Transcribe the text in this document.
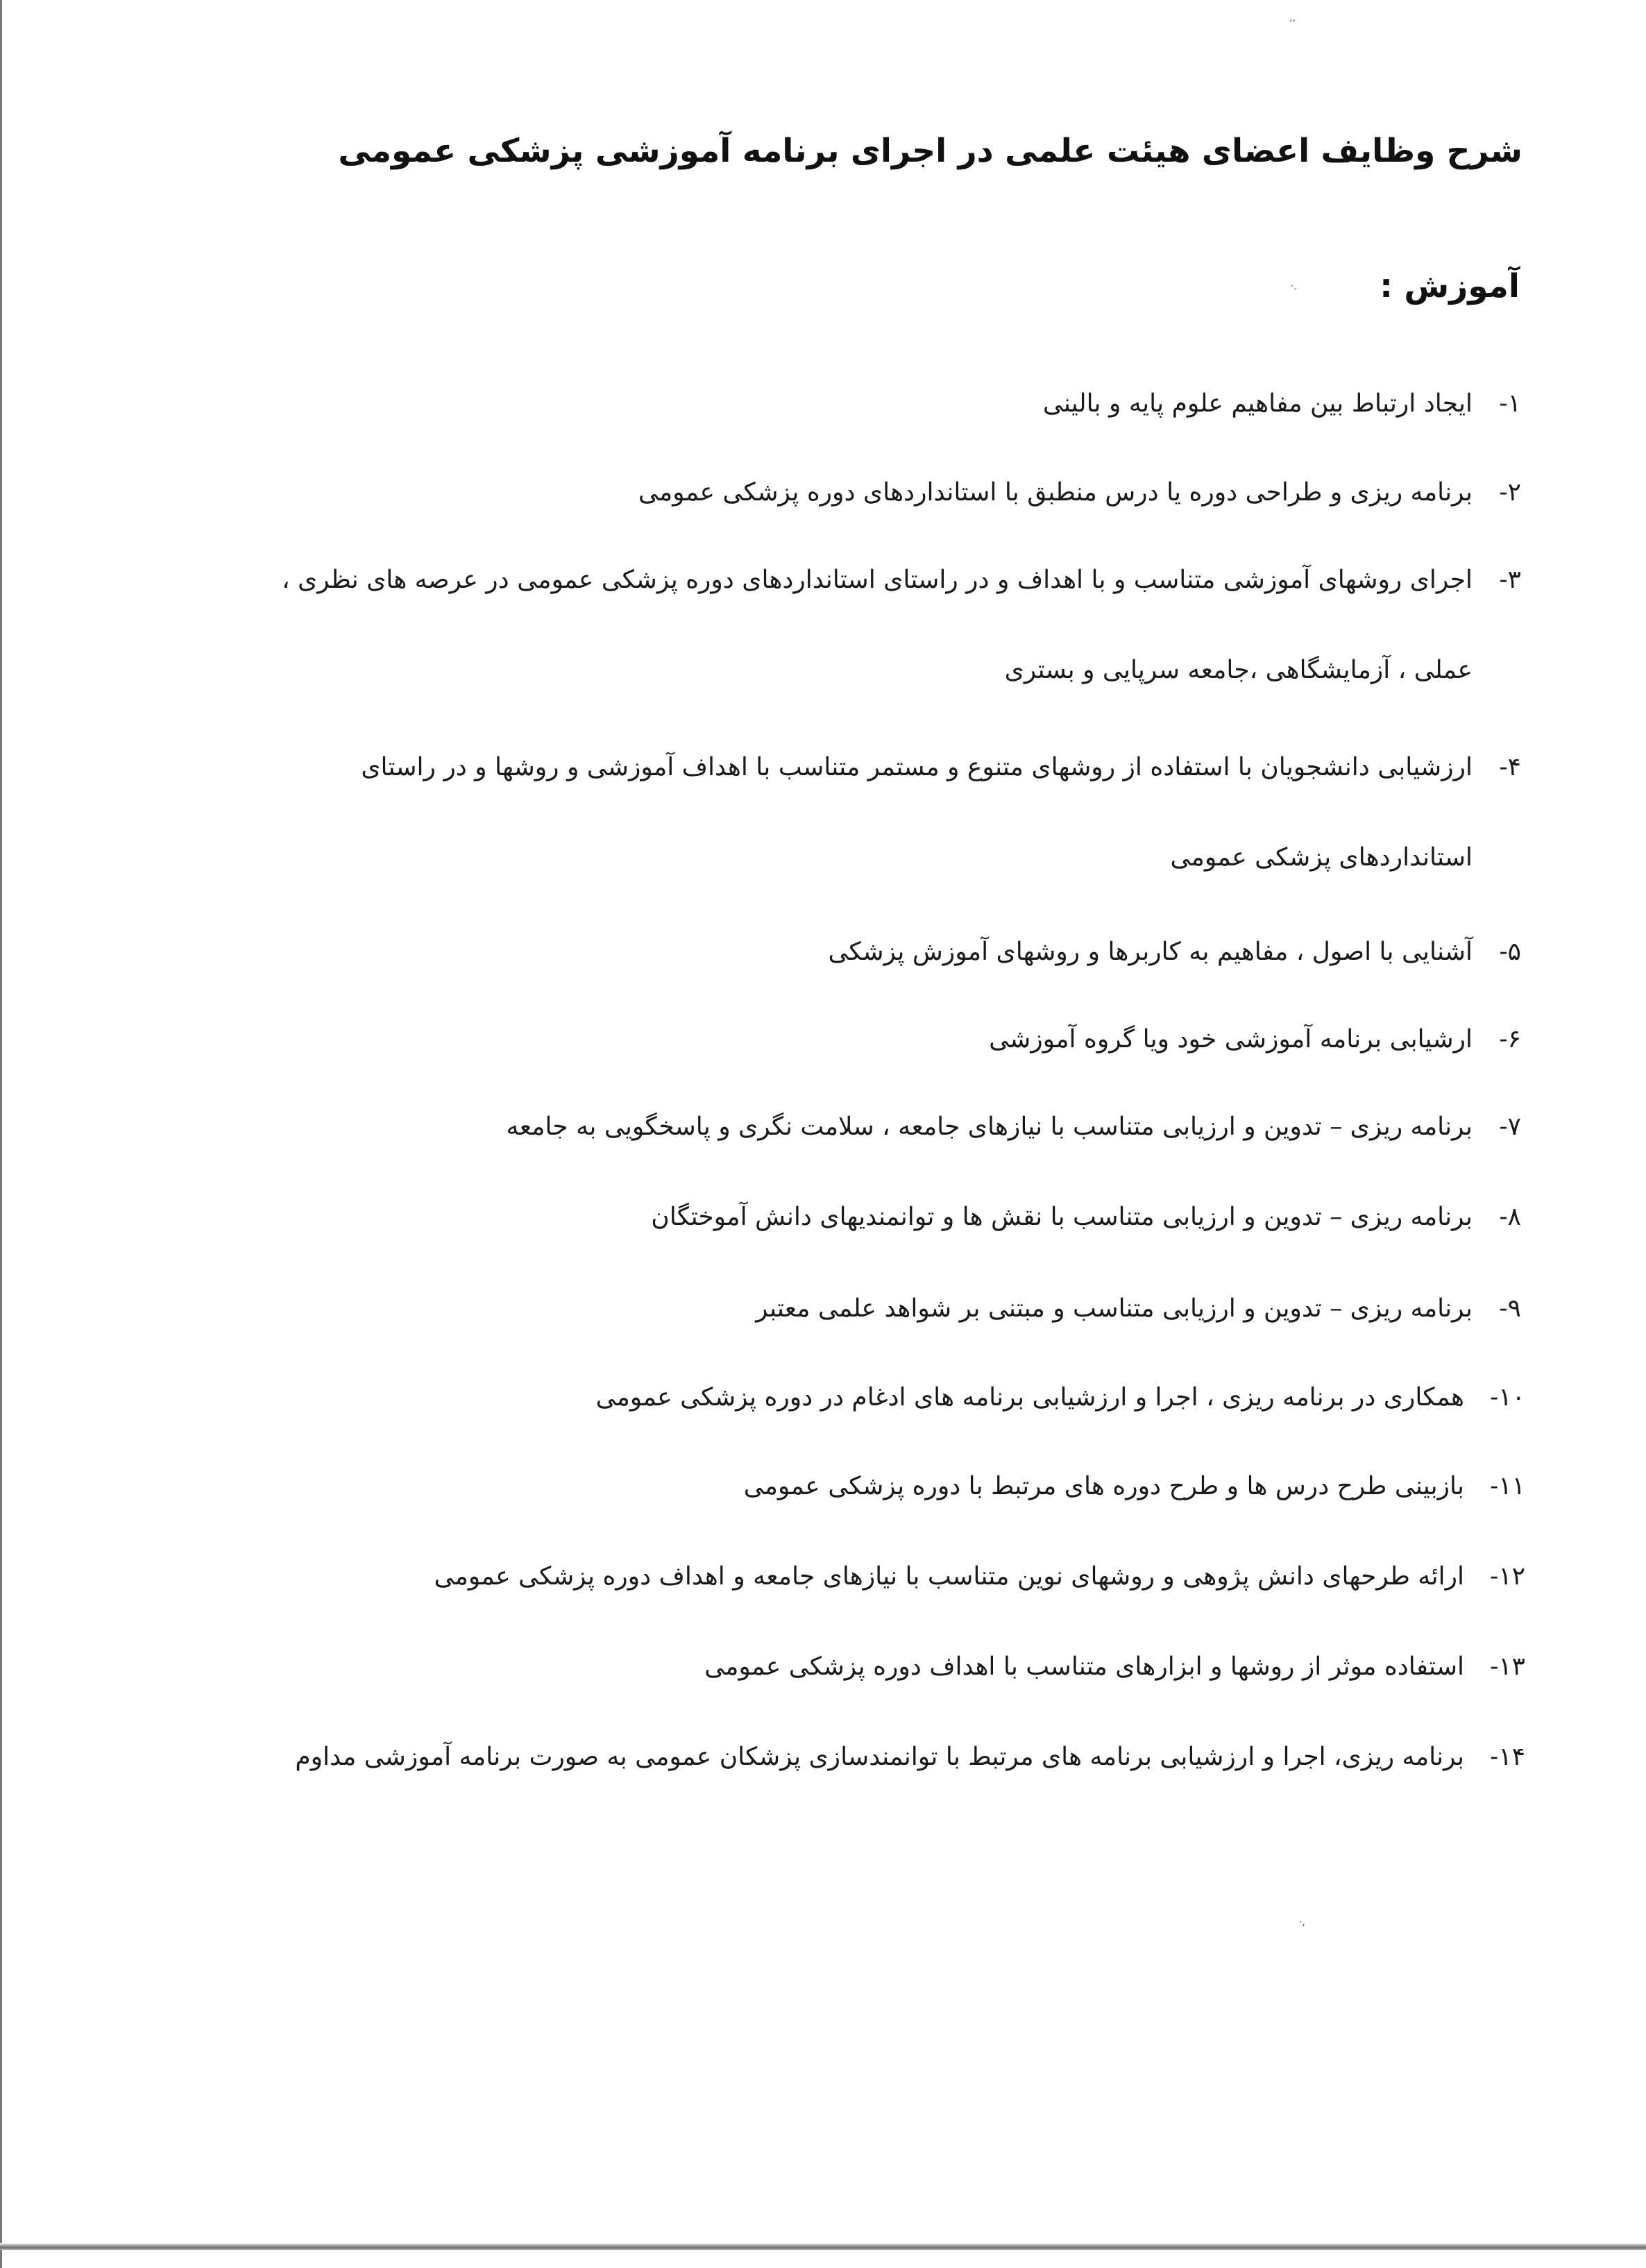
,,
·.
·,
شرح وظایف اعضای هیئت علمی در اجرای برنامه آموزشی پزشکی عمومی
آموزش :
۱-
ایجاد ارتباط بین مفاهیم علوم پایه و بالینی
۲-
برنامه ریزی و طراحی دوره یا درس منطبق با استانداردهای دوره پزشکی عمومی
۳-
اجرای روشهای آموزشی متناسب و با اهداف و در راستای استانداردهای دوره پزشکی عمومی در عرصه های نظری ،
عملی ، آزمایشگاهی ،جامعه سرپایی و بستری
۴-
ارزشیابی دانشجویان با استفاده از روشهای متنوع و مستمر متناسب با اهداف آموزشی و روشها و در راستای
استانداردهای پزشکی عمومی
۵-
آشنایی با اصول ، مفاهیم به کاربرها و روشهای آموزش پزشکی
۶-
ارشیابی برنامه آموزشی خود ویا گروه آموزشی
۷-
برنامه ریزی – تدوین و ارزیابی متناسب با نیازهای جامعه ، سلامت نگری و پاسخگویی به جامعه
۸-
برنامه ریزی – تدوین و ارزیابی متناسب با نقش ها و توانمندیهای دانش آموختگان
۹-
برنامه ریزی – تدوین و ارزیابی متناسب و مبتنی بر شواهد علمی معتبر
۱۰-
همکاری در برنامه ریزی ، اجرا و ارزشیابی برنامه های ادغام در دوره پزشکی عمومی
۱۱-
بازبینی طرح درس ها و طرح دوره های مرتبط با دوره پزشکی عمومی
۱۲-
ارائه طرحهای دانش پژوهی و روشهای نوین متناسب با نیازهای جامعه و اهداف دوره پزشکی عمومی
۱۳-
استفاده موثر از روشها و ابزارهای متناسب با اهداف دوره پزشکی عمومی
۱۴-
برنامه ریزی، اجرا و ارزشیابی برنامه های مرتبط با توانمندسازی پزشکان عمومی به صورت برنامه آموزشی مداوم
